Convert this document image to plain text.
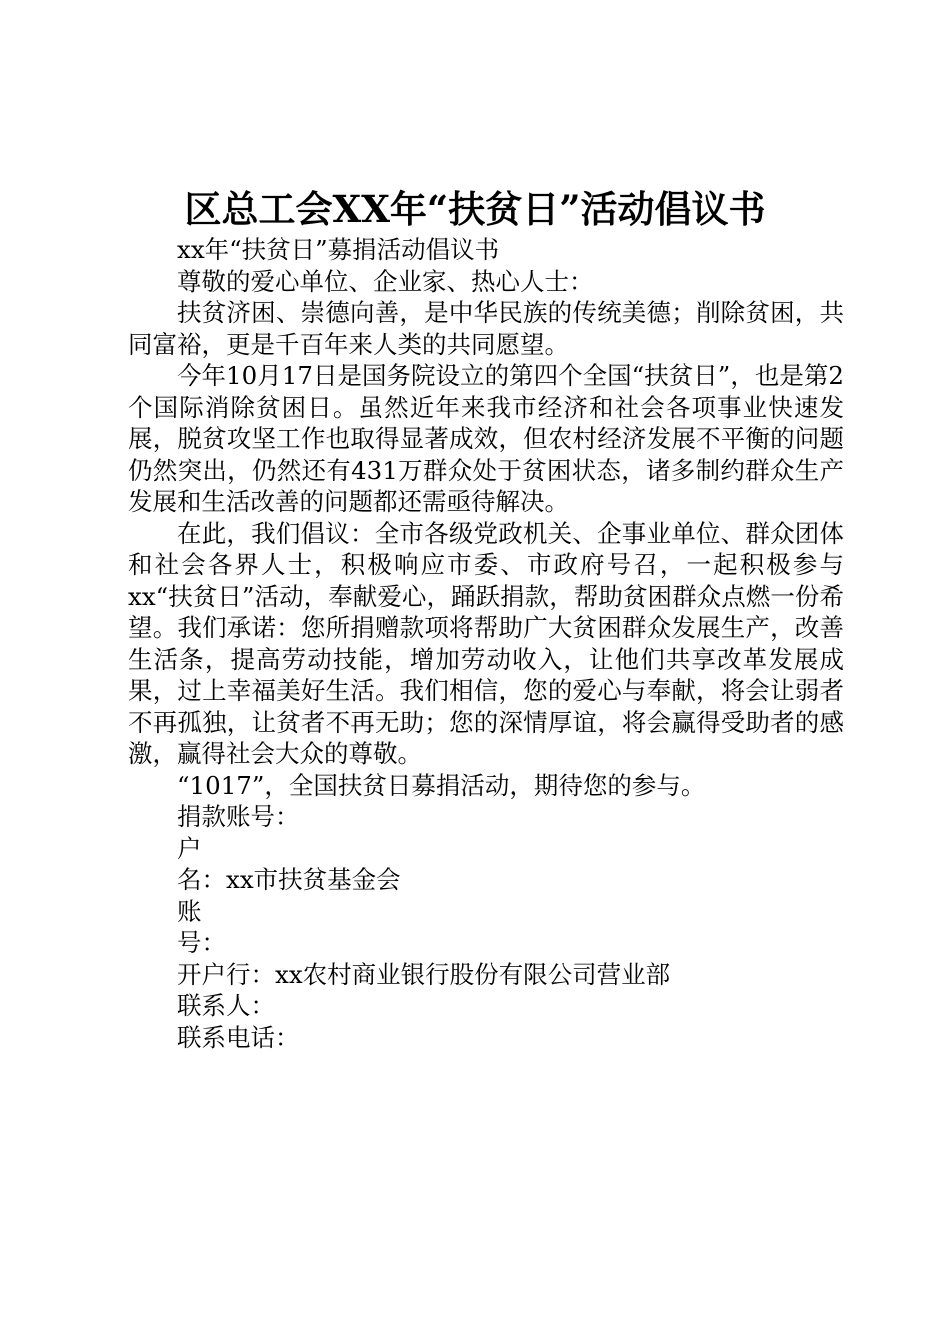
区总工会XX年“扶贫日”活动倡议书

xx年“扶贫日”募捐活动倡议书

尊敬的爱心单位、企业家、热心人士：

扶贫济困、崇德向善，是中华民族的传统美德；削除贫困，共同富裕，更是千百年来人类的共同愿望。

今年10月17日是国务院设立的第四个全国“扶贫日”，也是第2个国际消除贫困日。虽然近年来我市经济和社会各项事业快速发展，脱贫攻坚工作也取得显著成效，但农村经济发展不平衡的问题仍然突出，仍然还有431万群众处于贫困状态，诸多制约群众生产发展和生活改善的问题都还需亟待解决。

在此，我们倡议：全市各级党政机关、企事业单位、群众团体和社会各界人士，积极响应市委、市政府号召，一起积极参与xx“扶贫日”活动，奉献爱心，踊跃捐款，帮助贫困群众点燃一份希望。我们承诺：您所捐赠款项将帮助广大贫困群众发展生产，改善生活条，提高劳动技能，增加劳动收入，让他们共享改革发展成果，过上幸福美好生活。我们相信，您的爱心与奉献，将会让弱者不再孤独，让贫者不再无助；您的深情厚谊，将会赢得受助者的感激，赢得社会大众的尊敬。

“1017”，全国扶贫日募捐活动，期待您的参与。

捐款账号：

户

名：xx市扶贫基金会

账

号：

开户行：xx农村商业银行股份有限公司营业部

联系人：

联系电话：
